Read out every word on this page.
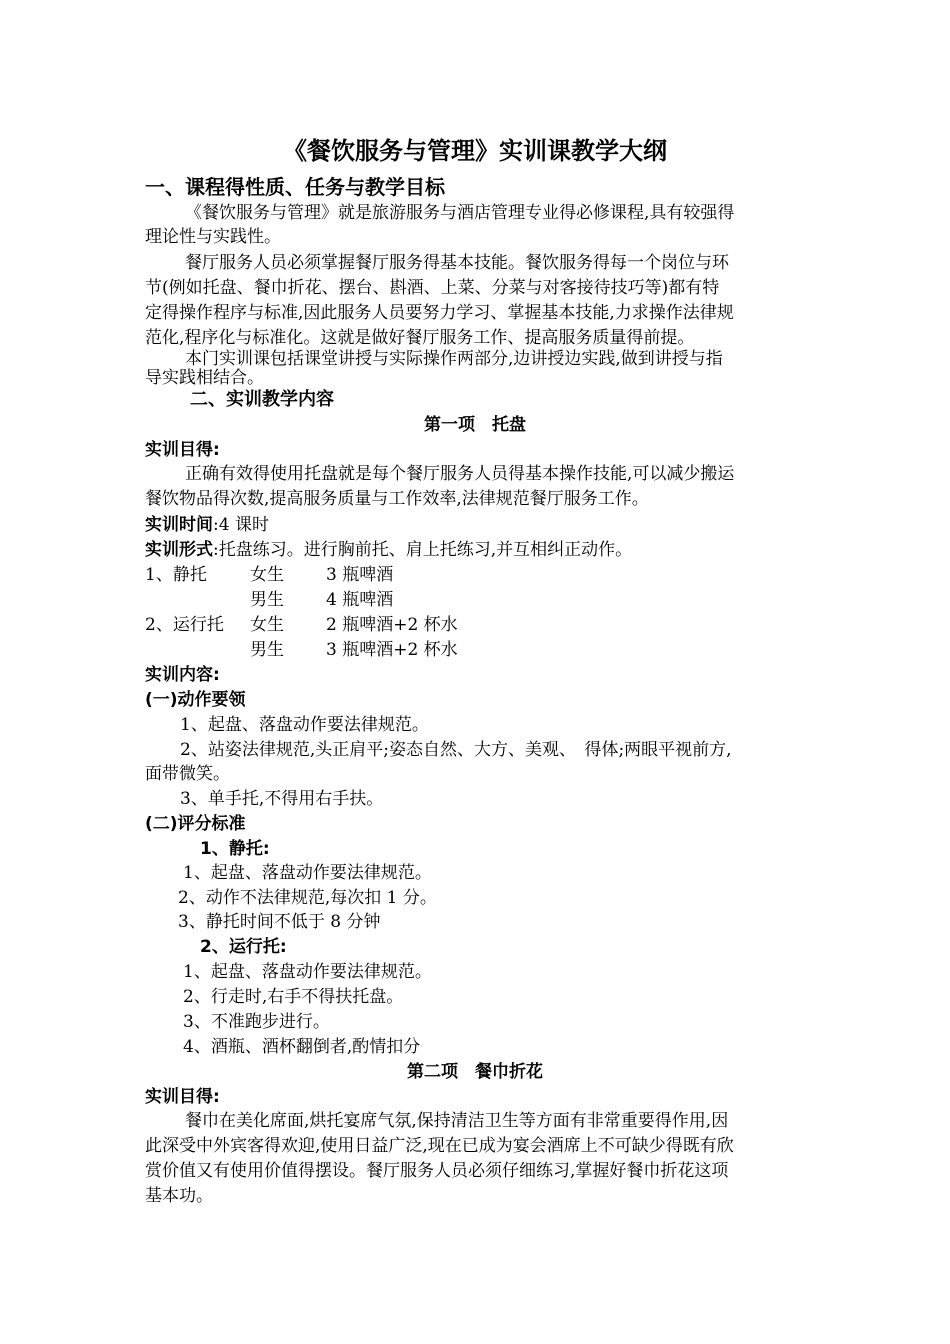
《餐饮服务与管理》实训课教学大纲
一、课程得性质、任务与教学目标
《餐饮服务与管理》就是旅游服务与酒店管理专业得必修课程,具有较强得
理论性与实践性。
餐厅服务人员必须掌握餐厅服务得基本技能。餐饮服务得每一个岗位与环
节(例如托盘、餐巾折花、摆台、斟酒、上菜、分菜与对客接待技巧等)都有特
定得操作程序与标准,因此服务人员要努力学习、掌握基本技能,力求操作法律规
范化,程序化与标准化。这就是做好餐厅服务工作、提高服务质量得前提。
本门实训课包括课堂讲授与实际操作两部分,边讲授边实践,做到讲授与指
导实践相结合。
二、实训教学内容
第一项　托盘
实训目得:
正确有效得使用托盘就是每个餐厅服务人员得基本操作技能,可以减少搬运
餐饮物品得次数,提高服务质量与工作效率,法律规范餐厅服务工作。
实训时间:4 课时
实训形式:托盘练习。进行胸前托、肩上托练习,并互相纠正动作。
1、静托	女生 3 瓶啤酒
男生 4 瓶啤酒
2、运行托 女生 2 瓶啤酒+2 杯水
男生 3 瓶啤酒+2 杯水
实训内容:
(一)动作要领
1、起盘、落盘动作要法律规范。
2、站姿法律规范,头正肩平;姿态自然、大方、美观、　得体;两眼平视前方,
面带微笑。
3、单手托,不得用右手扶。
(二)评分标准
1、静托:
1、起盘、落盘动作要法律规范。
2、动作不法律规范,每次扣 1 分。
3、静托时间不低于 8 分钟
2、运行托:
1、起盘、落盘动作要法律规范。
2、行走时,右手不得扶托盘。
3、不准跑步进行。
4、酒瓶、酒杯翻倒者,酌情扣分
第二项　餐巾折花
实训目得:
餐巾在美化席面,烘托宴席气氛,保持清洁卫生等方面有非常重要得作用,因
此深受中外宾客得欢迎,使用日益广泛,现在已成为宴会酒席上不可缺少得既有欣
赏价值又有使用价值得摆设。餐厅服务人员必须仔细练习,掌握好餐巾折花这项
基本功。
